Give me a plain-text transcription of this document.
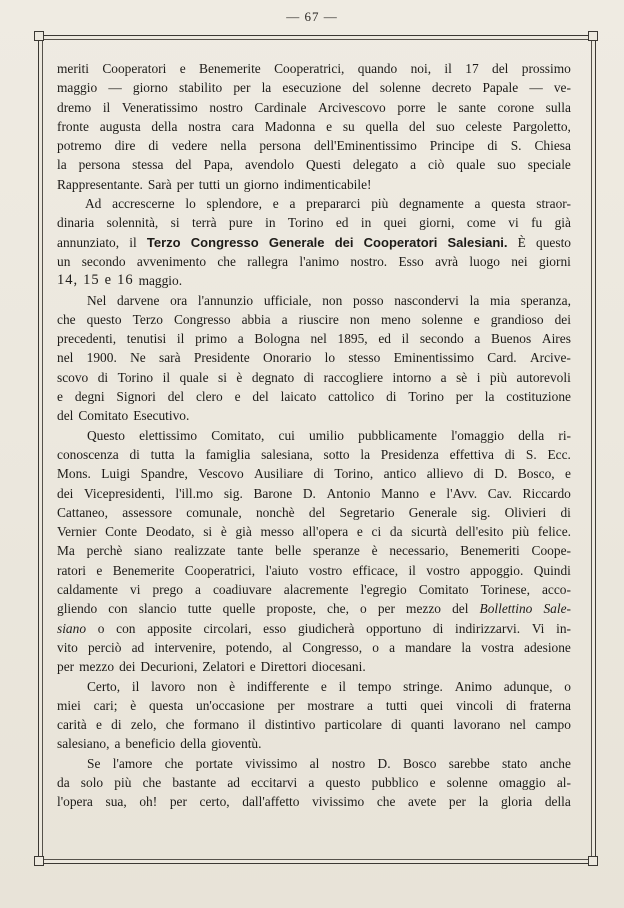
— 67 —
meriti Cooperatori e Benemerite Cooperatrici, quando noi, il 17 del prossimo
maggio — giorno stabilito per la esecuzione del solenne decreto Papale — ve-
dremo il Veneratissimo nostro Cardinale Arcivescovo porre le sante corone sulla
fronte augusta della nostra cara Madonna e su quella del suo celeste Pargoletto,
potremo dire di vedere nella persona dell'Eminentissimo Principe di S. Chiesa
la persona stessa del Papa, avendolo Questi delegato a ciò quale suo speciale
Rappresentante. Sarà per tutti un giorno indimenticabile!
Ad accrescerne lo splendore, e a prepararci più degnamente a questa straor-
dinaria solennità, si terrà pure in Torino ed in quei giorni, come vi fu già
annunziato, il Terzo Congresso Generale dei Cooperatori Salesiani. È questo
un secondo avvenimento che rallegra l'animo nostro. Esso avrà luogo nei giorni
14, 15 e 16 maggio.
Nel darvene ora l'annunzio ufficiale, non posso nascondervi la mia speranza,
che questo Terzo Congresso abbia a riuscire non meno solenne e grandioso dei
precedenti, tenutisi il primo a Bologna nel 1895, ed il secondo a Buenos Aires
nel 1900. Ne sarà Presidente Onorario lo stesso Eminentissimo Card. Arcive-
scovo di Torino il quale si è degnato di raccogliere intorno a sè i più autorevoli
e degni Signori del clero e del laicato cattolico di Torino per la costituzione
del Comitato Esecutivo.
Questo elettissimo Comitato, cui umilio pubblicamente l'omaggio della ri-
conoscenza di tutta la famiglia salesiana, sotto la Presidenza effettiva di S. Ecc.
Mons. Luigi Spandre, Vescovo Ausiliare di Torino, antico allievo di D. Bosco, e
dei Vicepresidenti, l'ill.mo sig. Barone D. Antonio Manno e l'Avv. Cav. Riccardo
Cattaneo, assessore comunale, nonchè del Segretario Generale sig. Olivieri di
Vernier Conte Deodato, si è già messo all'opera e ci da sicurtà dell'esito più felice.
Ma perchè siano realizzate tante belle speranze è necessario, Benemeriti Coope-
ratori e Benemerite Cooperatrici, l'aiuto vostro efficace, il vostro appoggio. Quindi
caldamente vi prego a coadiuvare alacremente l'egregio Comitato Torinese, acco-
gliendo con slancio tutte quelle proposte, che, o per mezzo del Bollettino Sale-
siano o con apposite circolari, esso giudicherà opportuno di indirizzarvi. Vi in-
vito perciò ad intervenire, potendo, al Congresso, o a mandare la vostra adesione
per mezzo dei Decurioni, Zelatori e Direttori diocesani.
Certo, il lavoro non è indifferente e il tempo stringe. Animo adunque, o
miei cari; è questa un'occasione per mostrare a tutti quei vincoli di fraterna
carità e di zelo, che formano il distintivo particolare di quanti lavorano nel campo
salesiano, a beneficio della gioventù.
Se l'amore che portate vivissimo al nostro D. Bosco sarebbe stato anche
da solo più che bastante ad eccitarvi a questo pubblico e solenne omaggio al-
l'opera sua, oh! per certo, dall'affetto vivissimo che avete per la gloria della
